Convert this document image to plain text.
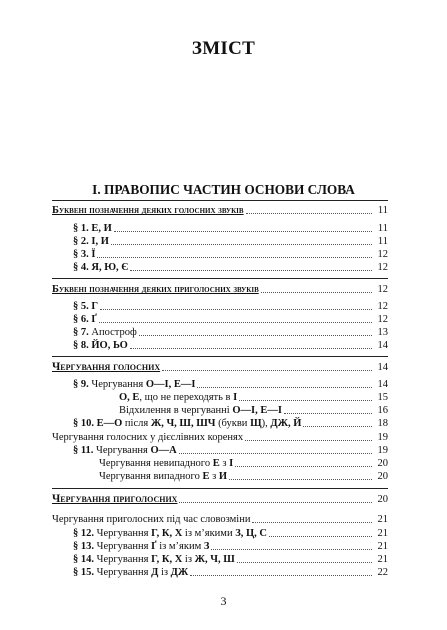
ЗМІСТ
І. ПРАВОПИС ЧАСТИН ОСНОВИ СЛОВА
Буквені позначення деяких голосних звуків	11
§ 1. Е, И	11
§ 2. І, И	11
§ 3. Ї	12
§ 4. Я, Ю, Є	12
Буквені позначення деяких приголосних звуків	12
§ 5. Г	12
§ 6. Ґ	12
§ 7. Апостроф	13
§ 8. ЙО, ЬО	14
Чергування голосних	14
§ 9. Чергування О—І, Е—І	14
О, Е, що не переходять в І	15
Відхилення в чергуванні О—І, Е—І	16
§ 10. Е—О після Ж, Ч, Ш, ШЧ (букви Щ), ДЖ, Й	18
Чергування голосних у дієслівних коренях	19
§ 11. Чергування О—А	19
Чергування невипадного Е з І	20
Чергування випадного Е з И	20
Чергування приголосних	20
Чергування приголосних під час словозміни	21
§ 12. Чергування Г, К, Х із м’якими З, Ц, С	21
§ 13. Чергування Ґ із м’яким З	21
§ 14. Чергування Г, К, Х із Ж, Ч, Ш	21
§ 15. Чергування Д із ДЖ	22
3
